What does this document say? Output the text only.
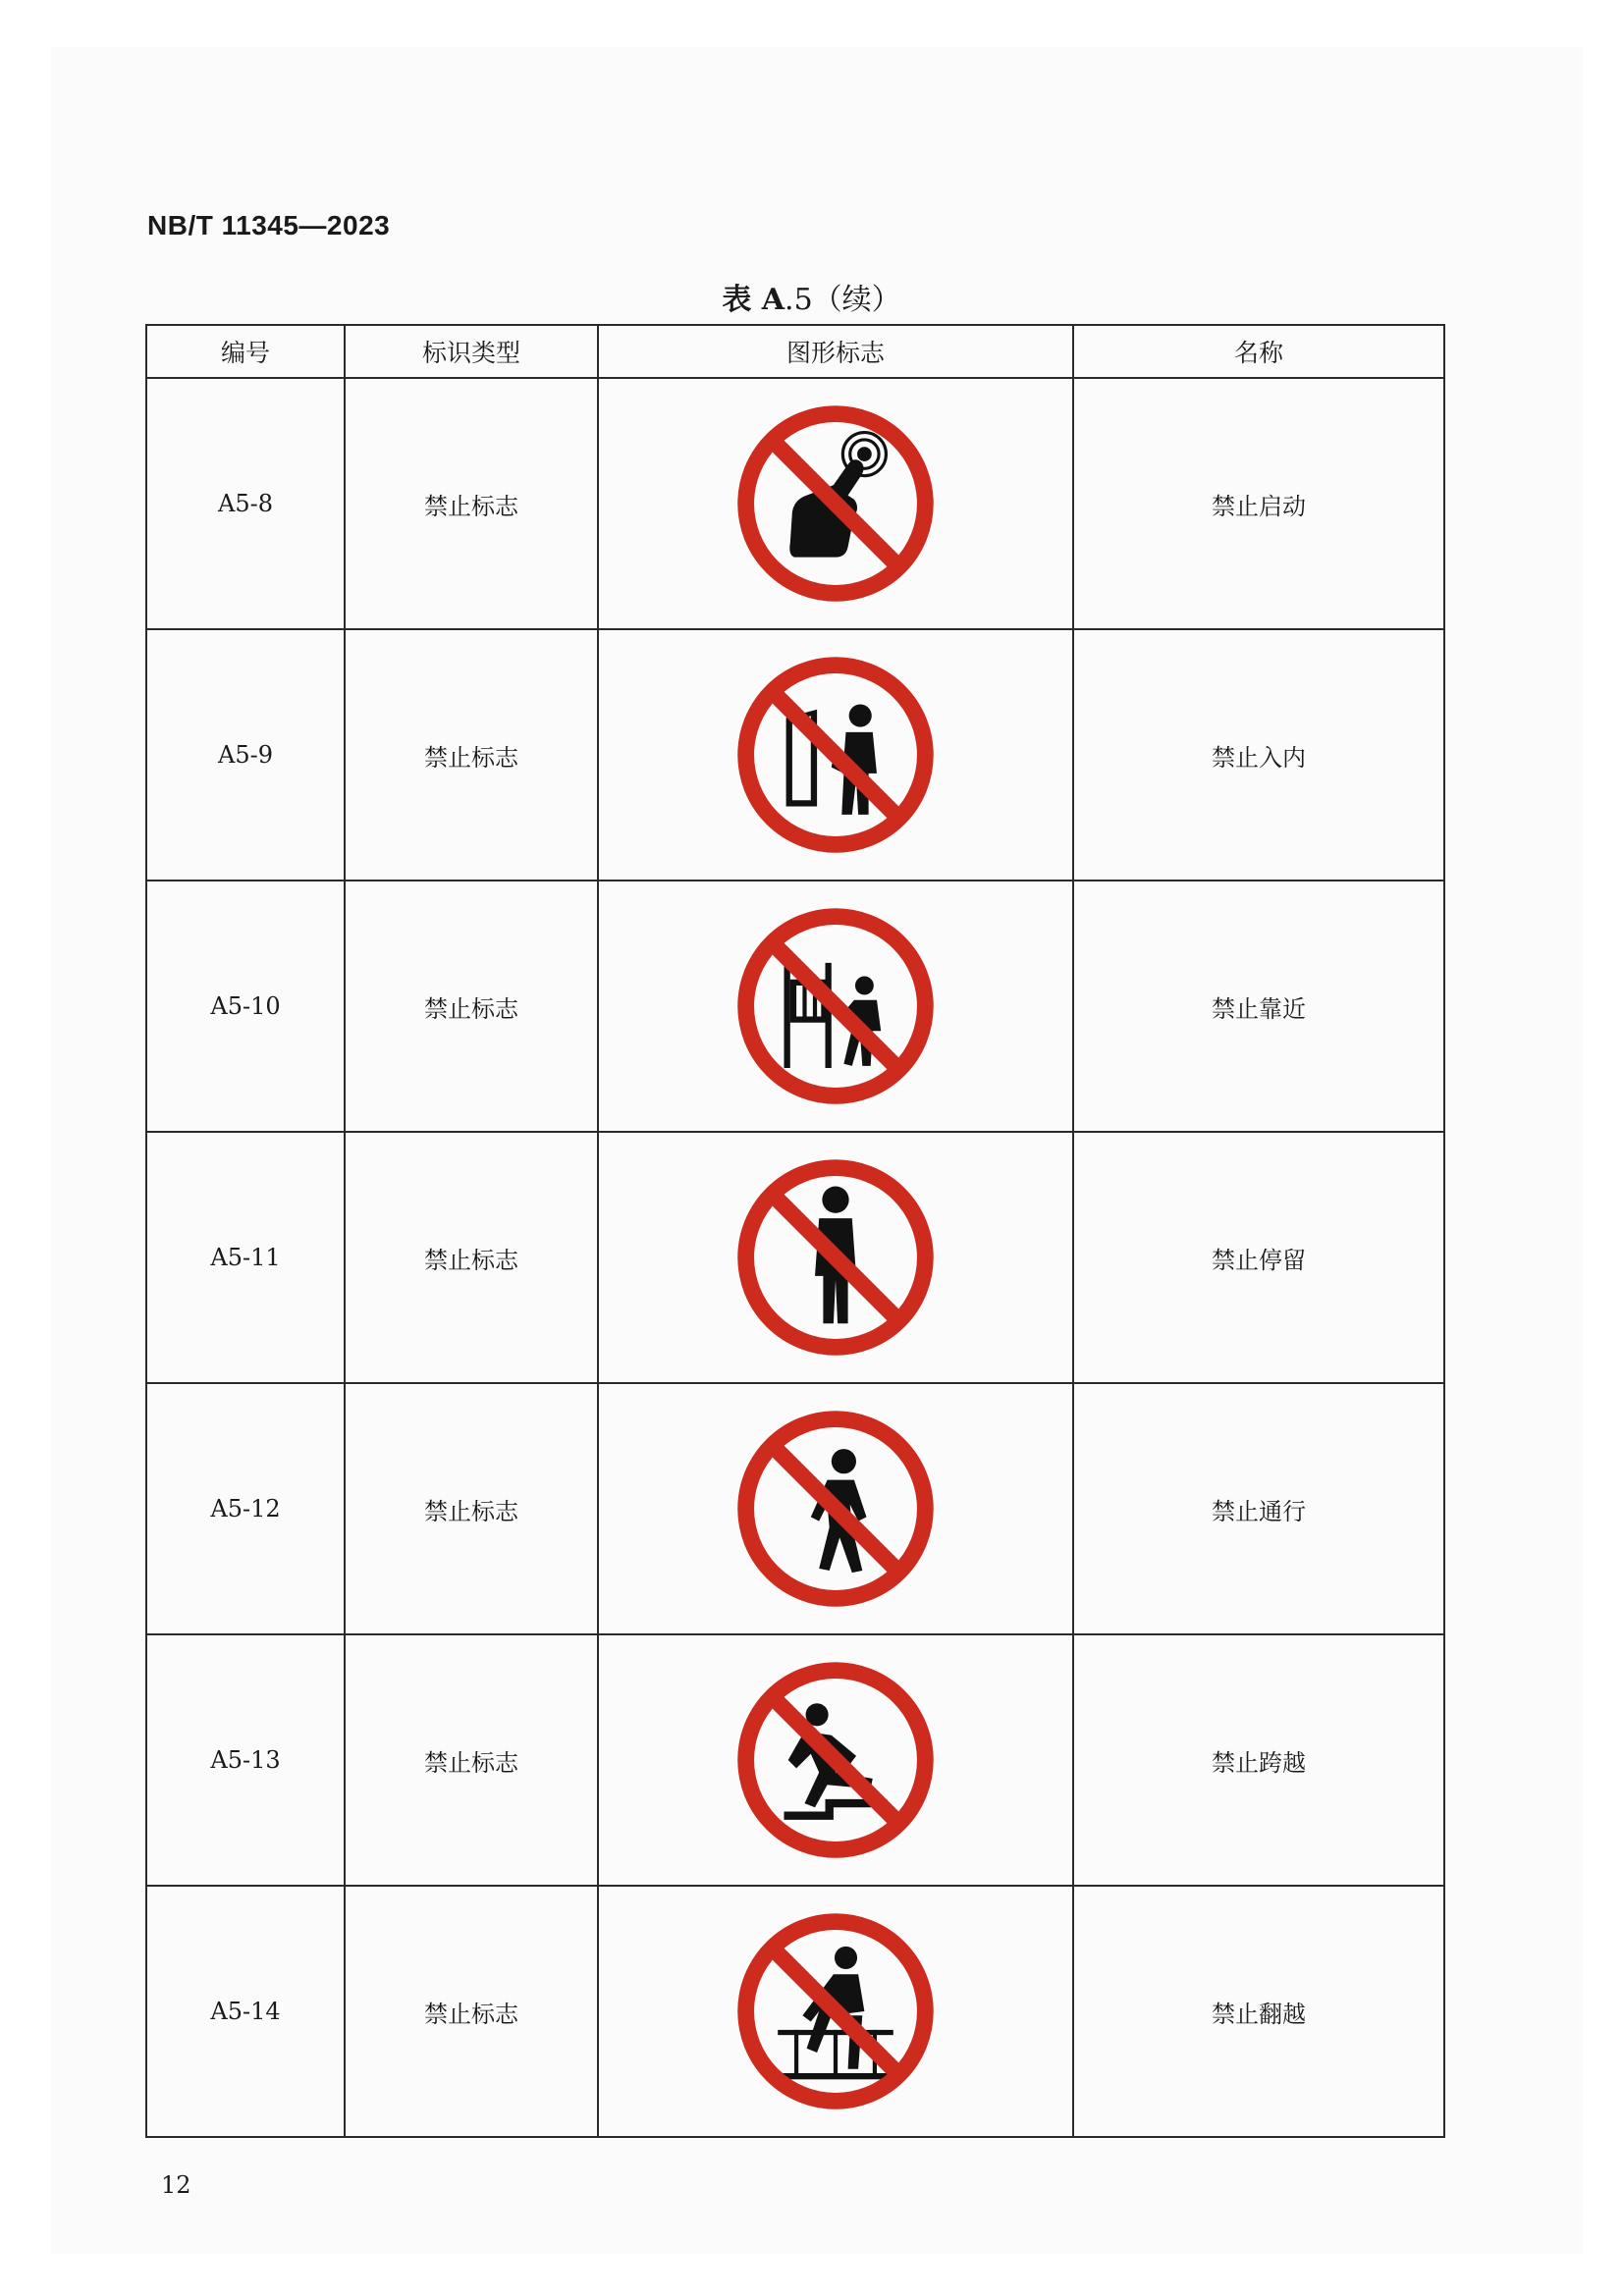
NB/T 11345—2023
表 A.5（续）
编号	标识类型	图形标志	名称
A5-8	禁止标志		禁止启动
A5-9	禁止标志		禁止入内
A5-10	禁止标志		禁止靠近
A5-11	禁止标志		禁止停留
A5-12	禁止标志		禁止通行
A5-13	禁止标志		禁止跨越
A5-14	禁止标志		禁止翻越
12
